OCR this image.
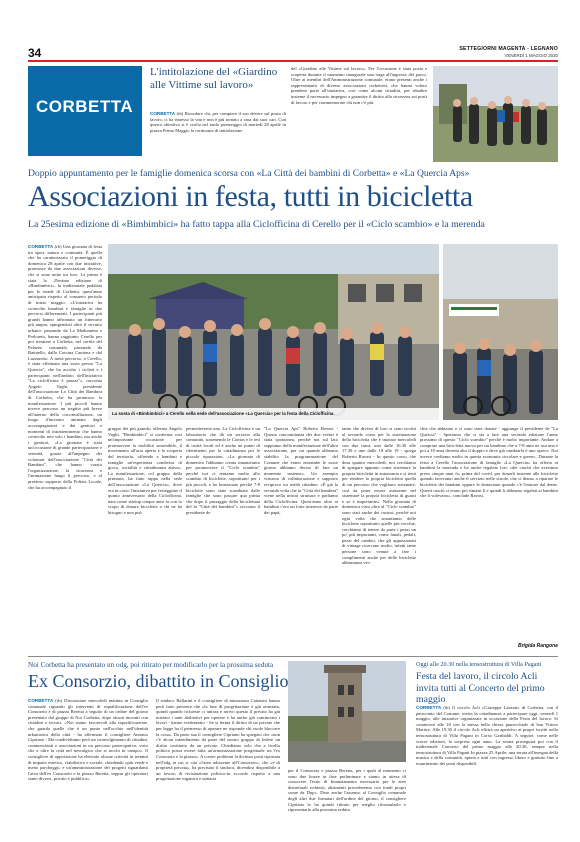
34	SETTEGIORNI MAGENTA - LEGNANO
VENERDÌ 1 MAGGIO 2020
CORBETTA
L'intitolazione del «Giardino alle Vittime sul lavoro»
CORBETTA (tb) Ricordare chi, per compiere il suo dovere sul posto di lavoro, ci ha rimesso la vita e non è più tornato a casa dai suoi cari. Con questo obiettivo si è svolta nel tardo pomeriggio di martedì 28 aprile in piazza Primo Maggio la cerimonia di intitolazione
del «Giardino alle Vittime sul lavoro». Per l'occasione è stata posta e scoperta durante il momento inaugurale una targa all'ingresso del parco. Oltre ai membri dell'Amministrazione comunale, erano presenti anche i rappresentanti di diverse associazioni corbettesi, che hanno voluto prendere parte all'iniziativa, così come alcuni cittadini, per ribadire insieme il necessario impegno a garantire il diritto alla sicurezza sui posti di lavoro e per commemorare chi non c'è più.
Doppio appuntamento per le famiglie domenica scorsa con «La Città dei bambini di Corbetta» e «La Quercia Aps»
Associazioni in festa, tutti in bicicletta
La 25esima edizione di «Bimbimbici» ha fatto tappa alla Ciclofficina di Cerello per il «Ciclo scambio» e la merenda
CORBETTA (rb) Una giornata di festa tra sport, natura e comunità. È quella che ha caratterizzato il pomeriggio di domenica 28 aprile con due iniziative, promosse da due associazioni diverse, che si sono unite tra loro. La prima è stata la 25esima edizione di «Bimbimbici», la tradizionale pedalata per le strade di Corbetta, quest'anno anticipata rispetto al consueto periodo di inizio maggio. «L'iniziativa ha coinvolto bambini e famiglie in due percorsi differenziati. I partecipanti più grandi hanno affrontato un itinerario più ampio, spingendosi oltre il circuito urbano: passando da La Madonnina e Preloreto, hanno raggiunto Cerello per poi rientrare a Corbetta, nel cortile del Palazzo comunale, passando da Battuello, dalla Cascina Cantona e dal Lazzaretto. A metà percorso, a Cerello, è stata effettuata una sosta presso "La Quercia", che ha accolto i ciclisti e i partecipanti nell'ambito dell'iniziativa "La ciclofficina è piazza"», racconta Angelo Vaghi, presidente dell'associazione La Città dei Bambini di Corbetta, che ha promosso la manifestazione. I più piccoli hanno invece percorso un tragitto più breve all'interno della circonvallazione, un luogo d'incontro animato dagli accompagnatori e dai genitori e momenti di intrattenimento che hanno coinvolto non solo i bambini, ma anche i genitori. «La giornata è stata un'occasione di grande partecipazione e serenità, grazie all'impegno dei volontari dell'associazione "Città dei Bambini", che hanno curato l'organizzazione, la sicurezza e l'animazione lungo il percorso, e al prezioso supporto della Polizia Locale, che ha accompagnato il
La sosta di «Bimbimbici» a Cerello nella sede dell'associazione «La Quercia» per la festa della Ciclofficina
gruppo dei più grandi» afferma Angelo Vaghi. "Bimbimbici" si conferma così un'importante occasione per promuovere la mobilità sostenibile, il movimento all'aria aperta e la scoperta del territorio, offrendo a bambini e famiglie un'esperienza condivisa di gioco, socialità e cittadinanza attiva». La manifestazione, col gruppo della primaria, ha fatto tappa nella sede dell'associazione «La Quercia», dove era in corso l'iniziativa per festeggiare il quinto anniversario della Ciclofficina, nata come startup cinque anni fa con lo scopo di donare biciclette a chi ne ha bisogno e non può
permettersene una. La Ciclofficina è un laboratorio che dà un servizio alla comunità, sostenendo le Caritas e le reti di carità locali ed è anche un punto di riferimento per la cittadinanza per le piccole riparazioni. «La giornata di domenica l'abbiamo creata innanzitutto per promuovere il "Ciclo scambio" perché noi ci teniamo molto allo scambio di biciclette, soprattutto per i più piccoli, e ha funzionato perché 7-8 biciclette sono state scambiate dalle famiglie che sono passate qua prima che dopo il passaggio della biciclettata del la "Città dei bambini"» racconta il presidente de
"La Quercia Aps" Roberto Ravasi - Questa concomitanza dei due eventi è stata spontanea, perché noi sul lato sappiamo della manifestazione dell'altra associazione, per cui quando abbiamo stabilito la programmazione del Comune che erano entrambe le sosse giorno abbiamo deciso di fare un momento insieme». Un esempio virtuoso di collaborazione e supporto reciproco tra realtà cittadine. «È già la seconda volta che la "Città dei bambini" viene nella nostra struttura e parliamo della Ciclofficina. Quest'anno oltre ai bambini c'era un forte interesse da parte dei papà,
tanto che diversi di loro si sono iscritti al secondo corso per la sistemazione della bicicletta che è iniziato mercoledì con due turni, uno dalle 16.30 alle 17.30 e uno dalle 18 alle 19 - spiega Roberto Ravasi - In questo corso, che dura quattro mercoledì, noi cerchiamo di spiegare appunto come sistemare la propria bicicletta in autonomia e si terrà per rendere la propria bicicletta quella di un percorso che vogliono sistemare, così da poter essere autonomi nel sistemare la propria bicicletta di guasti e se è importante». Nella giornata di domenica visto oltre al "Ciclo scambio" sono stati anche dei curiosi, perché noi ogni volta che smontiamo delle biciclette soprattutto quelle più vecchie, cerchiamo di tenere da parte i pezzi un po' più importanti, come fanali, pedali, pezzi del cambio, che gli appassionati di vintage ricercano molto, infatti tante persone sono venute a fare i complimenti anche per delle biciclette abbastanza vec-
chie che abbiamo e ci sono state donate - aggiunge il presidente de "La Quercia" - Speriamo che ci sia a fare una seconda edizione l'anno prossimo di questo "Ciclo scambio" perché è molto importante. Andare a comprare una bicicletta nuova per un bambino che a 7-8 anni ne usa una e poi a 10 anni diventa alto il doppio e deve già cambiarla è uno spreco. Noi invece crediamo molto in questa economia circolare e green». Durante la festa a Cerello l'associazione di famiglie «La Quercia» ha offerto ai bambini la merenda e ha anche regalato loro «dei caschi che avevamo preso cinque anni fa, prima del covid, per donarli insieme alle biciclette quando facevamo anche il servizio nelle scuole, che ci diamo a riparare le biciclette dei bambini oppure le donavamo quando c'è l'entrare dal dente. Questi caschi ci erano poi rimasti lì e quindi li abbiamo regalati ai bambini che li volevano», conclude Ravasi.
Brigida Rangone
Noi Corbetta ha presentato un odg, poi ritirato per modificarlo per la prossima seduta
Ex Consorzio, dibattito in Consiglio
CORBETTA (rb) Discussione mercoledì mattina in Consiglio comunale riguardo gli interventi di riqualificazione dell'ex Consorzio e di piazza Beretta a seguito di un ordine del giorno presentato dal gruppo di Noi Corbetta, dopo alcuni incontri con cittadini e tecnici. «Noi siamo favorevoli alla riqualificazione, che guarda quelle che è un punto nell'occhio nell'identità urbanistica della città - ha affermato il consigliere Antonio Cipriano - Ma condividiamo però un coinvolgimento di cittadini, commercianti e associazioni in un percorso partecipativo, visto che a oltre la città nel nevralgico che si tocchi in campo». Il consigliere di opposizione ha elencato alcune criticità in termini di impatto estetico, viabilistico e sociale, chiedendo «più verde e meno parcheggi» e un'amministrazione dei progetti riguardanti l'area dell'ex Consorzio e la piazza Beretta, seppur gli operatori siano diversi, privato e pubblico».
Il sindaco Ballarini e il consigliere di minoranza Cattaneo hanno però fatto presente che «la fase di progettazione è già avanzata, quindi quando richieste ci tuttora e arrivo questo il privato ha già iniziato i tanti abilitativi per operare e ha anche già cominciato i lavori - hanno evidenziato - Se si ferma il diritto di un privato che per legge ha il permesso di operare ne risponde chi vuole bloccare la cosa». Da parte sua il consigliere Cipriano ha spiegato che «non c'è alcun intendimento da parte del nostro gruppo di ledere un diritto costituito da un privato. Chiediamo solo che a livello politico possa essere fatta un'armonizzazione progettuale tra l'ex Consorzio e la piazza». A creare problemi la dicitura posti riportata nell'odg in cui si cita «l'area adiacente all'Consorzio», che «è di proprietà privata», ha precisato il sindaco, dicendosi disponibile a un lavoro di rivisitazione politico-in accordo rispetto a una progettazione organica e unitaria
per il Consorzio e piazza Beretta, per i quali al momento ci sono due bozze in fase preliminare e siamo in attesa di conoscere l'esito di finanziamento necessario per le aree distrettuali richiesti, altrimenti procederemo con fondi propri come da Dup». Dato anche l'assenso al Consiglio comunale degli altri due firmatari dell'ordine del giorno, il consigliere Cipriano lo ha quindi ritirato per meglio riformularlo e ripresentarlo alla prossima seduta.
Oggi alle 20.30 nella tensostruttura di Villa Pagani
Festa del lavoro, il circolo Acli invita tutti al Concerto del primo maggio
CORBETTA (tb) Il circolo Acli «Giuseppe Lazzati» di Corbetta, con il patrocinio del Comune, invita la cittadinanza a partecipare oggi, venerdì 1 maggio, alle iniziative organizzate in occasione della Festa del lavoro. Si comincerà alle 18 con la messa nella chiesa parrocchiale di San Vittore Martire. Alle 19.30 il circolo Acli offrirà un aperitivo ai propri iscritti nella tensostruttura di Villa Pagani in Corso Garibaldi. A seguire, come nelle scorse edizioni, la sorpresa ogni anno. La serata proseguirà poi con il tradizionale Concerto del primo maggio alle 20.30, sempre nella tensostruttura di Villa Pagani In piazza 25 Aprile: una serata all'insegna della musica e della comunità, aperta a tutti con ingresso libero e gratuito fino a esaurimento dei posti disponibili.
